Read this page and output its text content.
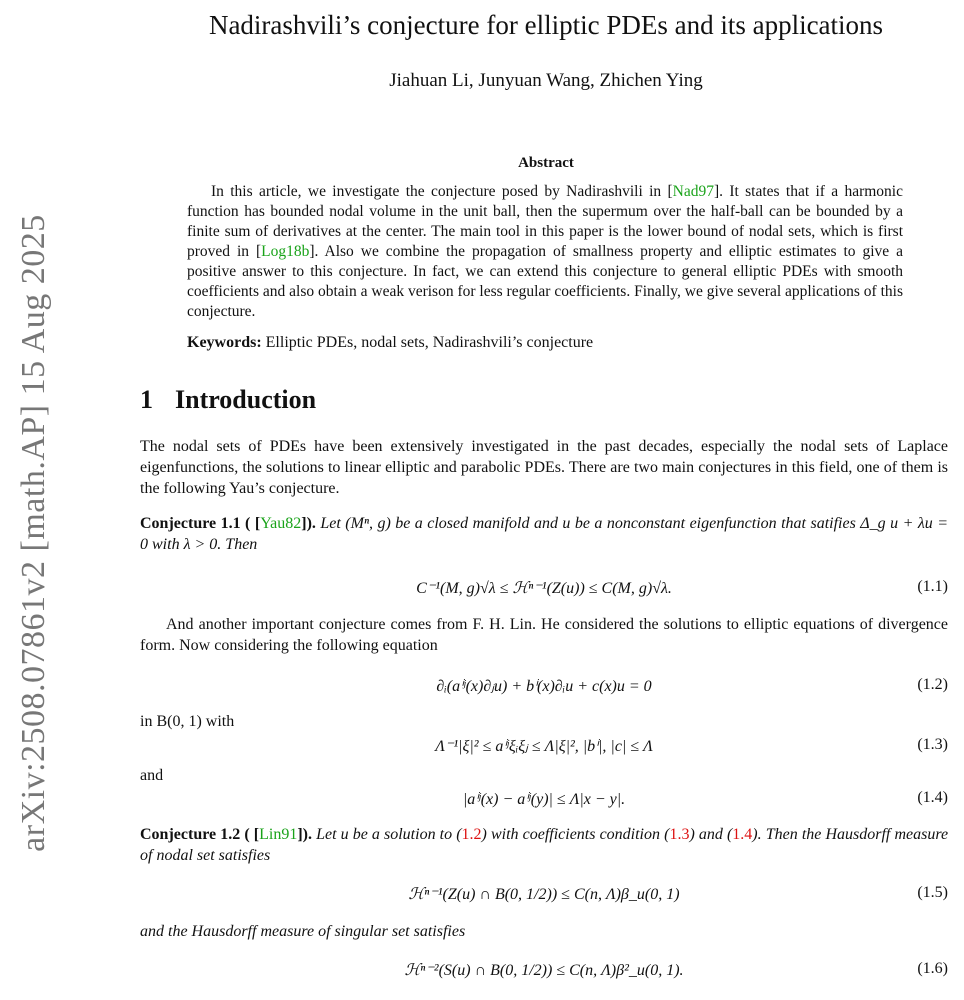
arXiv:2508.07861v2 [math.AP] 15 Aug 2025
Nadirashvili’s conjecture for elliptic PDEs and its applications
Jiahuan Li, Junyuan Wang, Zhichen Ying
Abstract
In this article, we investigate the conjecture posed by Nadirashvili in [Nad97]. It states that if a harmonic function has bounded nodal volume in the unit ball, then the supermum over the half-ball can be bounded by a finite sum of derivatives at the center. The main tool in this paper is the lower bound of nodal sets, which is first proved in [Log18b]. Also we combine the propagation of smallness property and elliptic estimates to give a positive answer to this conjecture. In fact, we can extend this conjecture to general elliptic PDEs with smooth coefficients and also obtain a weak verison for less regular coefficients. Finally, we give several applications of this conjecture.
Keywords: Elliptic PDEs, nodal sets, Nadirashvili’s conjecture
1 Introduction
The nodal sets of PDEs have been extensively investigated in the past decades, especially the nodal sets of Laplace eigenfunctions, the solutions to linear elliptic and parabolic PDEs. There are two main conjectures in this field, one of them is the following Yau’s conjecture.
Conjecture 1.1 ( [Yau82]). Let (Mⁿ, g) be a closed manifold and u be a nonconstant eigenfunction that satifies Δ_g u + λu = 0 with λ > 0. Then
C⁻¹(M, g)√λ ≤ ℋⁿ⁻¹(Z(u)) ≤ C(M, g)√λ.	(1.1)
And another important conjecture comes from F. H. Lin. He considered the solutions to elliptic equations of divergence form. Now considering the following equation
∂ᵢ(aⁱʲ(x)∂ⱼu) + bⁱ(x)∂ᵢu + c(x)u = 0	(1.2)
in B(0, 1) with
Λ⁻¹|ξ|² ≤ aⁱʲξᵢξⱼ ≤ Λ|ξ|², |bⁱ|, |c| ≤ Λ	(1.3)
and
|aⁱʲ(x) − aⁱʲ(y)| ≤ Λ|x − y|.	(1.4)
Conjecture 1.2 ( [Lin91]). Let u be a solution to (1.2) with coefficients condition (1.3) and (1.4). Then the Hausdorff measure of nodal set satisfies
ℋⁿ⁻¹(Z(u) ∩ B(0, 1/2)) ≤ C(n, Λ)β_u(0, 1)	(1.5)
and the Hausdorff measure of singular set satisfies
ℋⁿ⁻²(S(u) ∩ B(0, 1/2)) ≤ C(n, Λ)β²_u(0, 1).	(1.6)
